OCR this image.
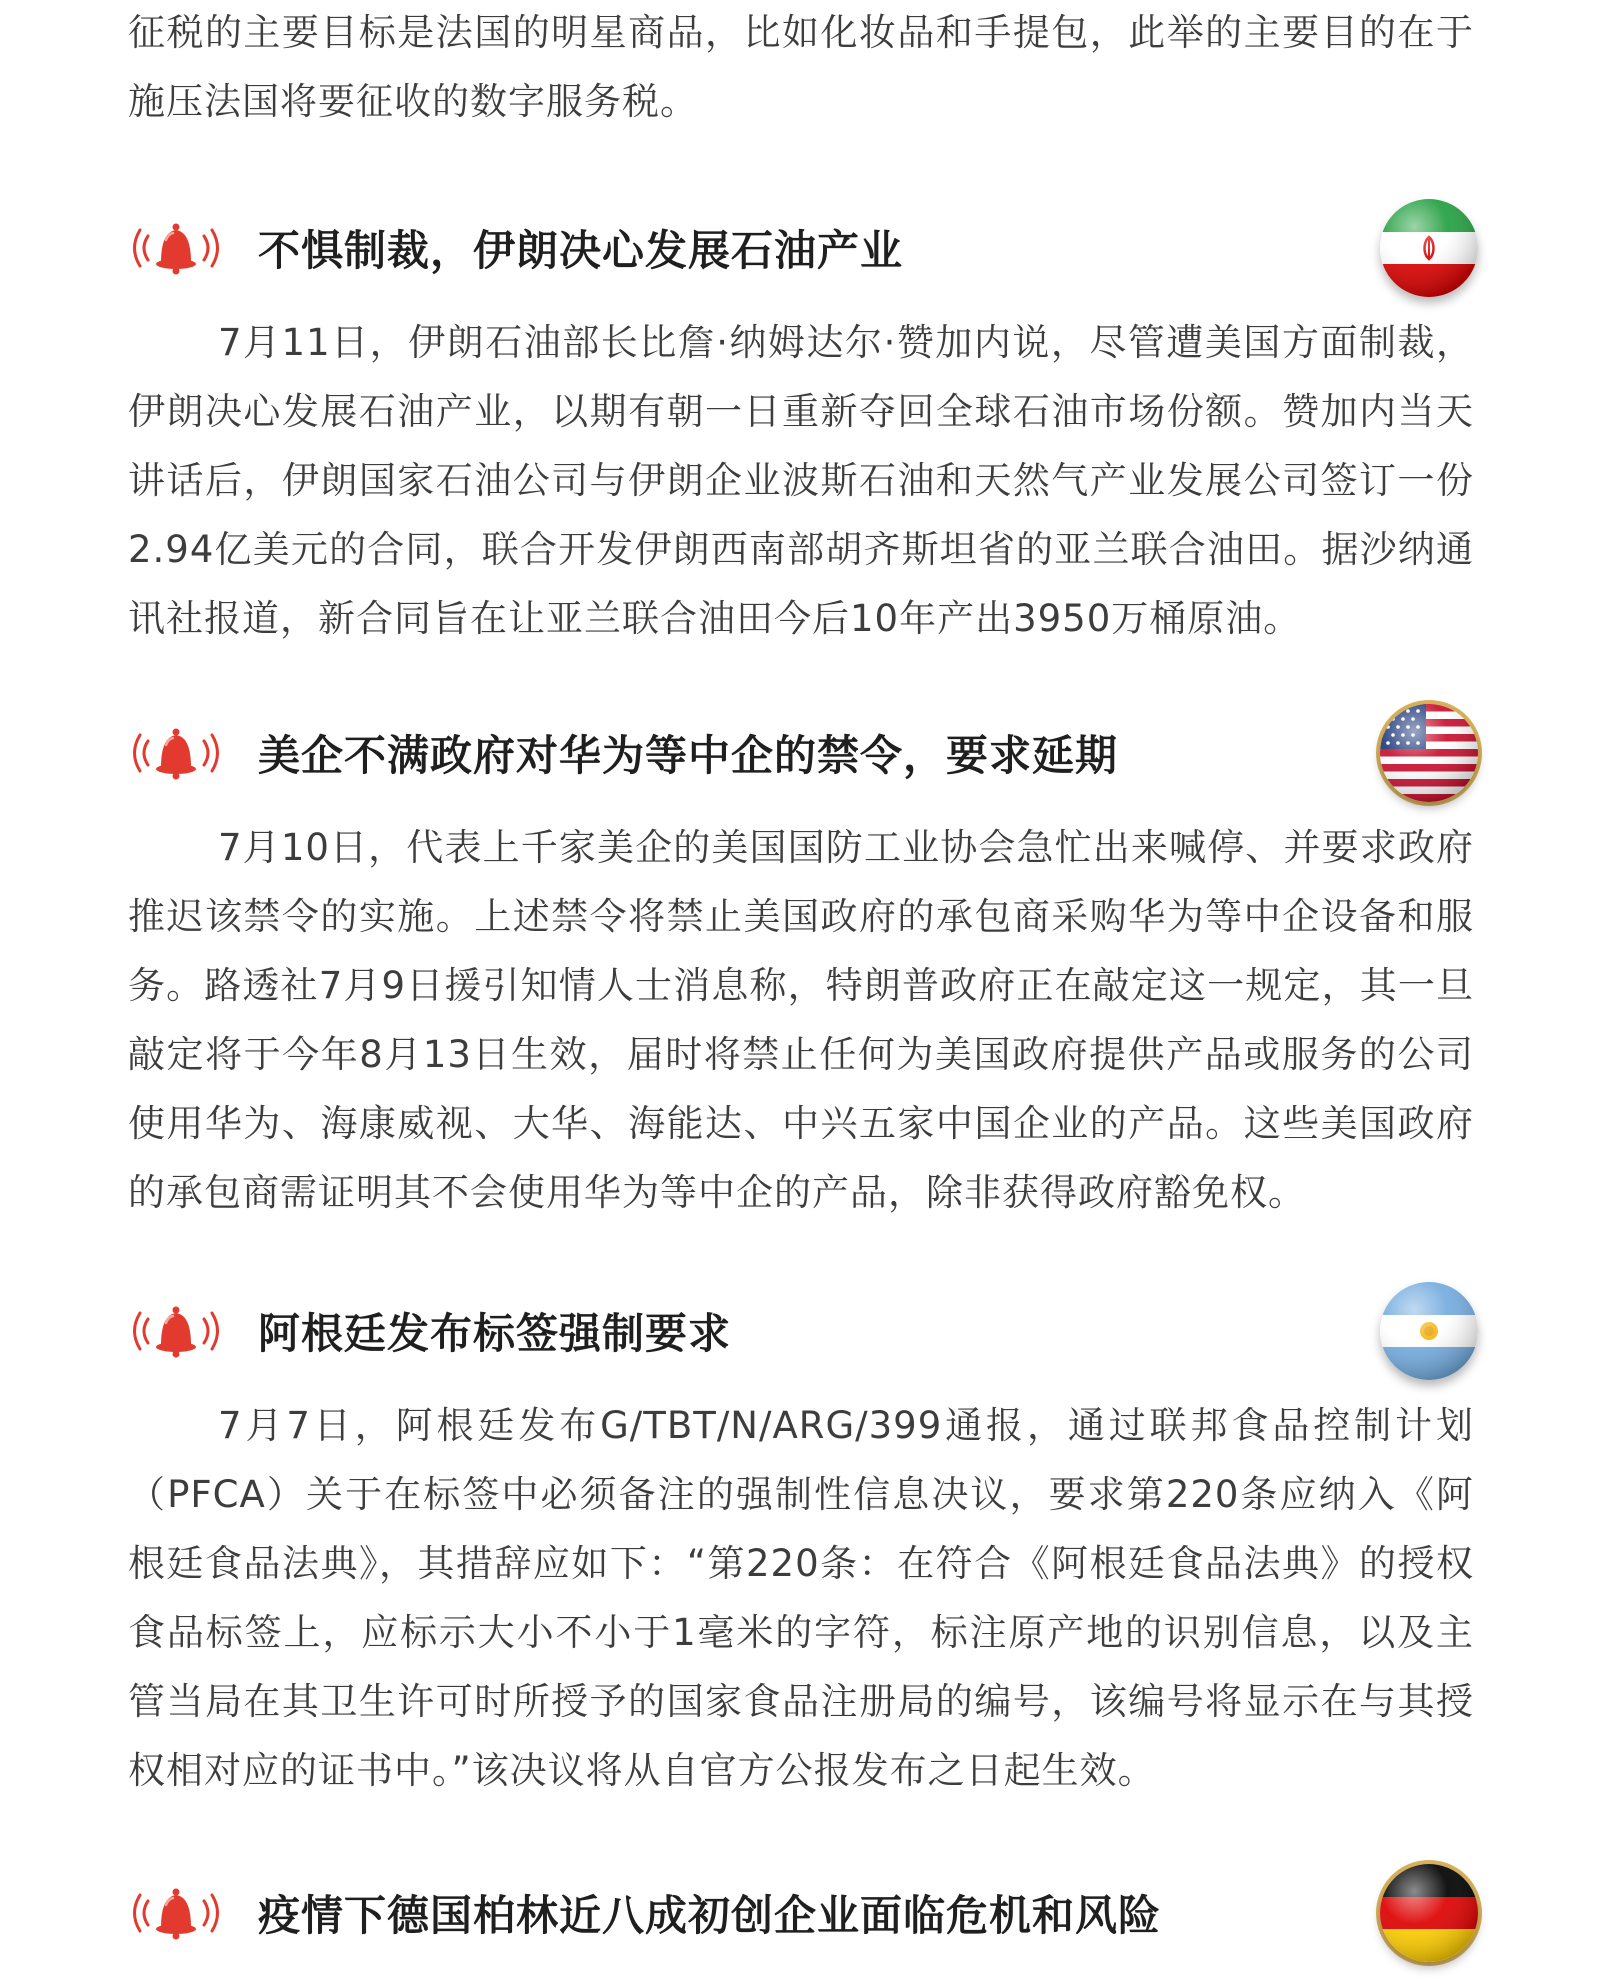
征税的主要目标是法国的明星商品，比如化妆品和手提包，此举的主要目的在于施压法国将要征收的数字服务税。

不惧制裁，伊朗决心发展石油产业

7月11日，伊朗石油部长比詹·纳姆达尔·赞加内说，尽管遭美国方面制裁，伊朗决心发展石油产业，以期有朝一日重新夺回全球石油市场份额。赞加内当天讲话后，伊朗国家石油公司与伊朗企业波斯石油和天然气产业发展公司签订一份2.94亿美元的合同，联合开发伊朗西南部胡齐斯坦省的亚兰联合油田。据沙纳通讯社报道，新合同旨在让亚兰联合油田今后10年产出3950万桶原油。

美企不满政府对华为等中企的禁令，要求延期

7月10日，代表上千家美企的美国国防工业协会急忙出来喊停、并要求政府推迟该禁令的实施。上述禁令将禁止美国政府的承包商采购华为等中企设备和服务。路透社7月9日援引知情人士消息称，特朗普政府正在敲定这一规定，其一旦敲定将于今年8月13日生效，届时将禁止任何为美国政府提供产品或服务的公司使用华为、海康威视、大华、海能达、中兴五家中国企业的产品。这些美国政府的承包商需证明其不会使用华为等中企的产品，除非获得政府豁免权。

阿根廷发布标签强制要求

7月7日，阿根廷发布G/TBT/N/ARG/399通报，通过联邦食品控制计划（PFCA）关于在标签中必须备注的强制性信息决议，要求第220条应纳入《阿根廷食品法典》，其措辞应如下：“第220条：在符合《阿根廷食品法典》的授权食品标签上，应标示大小不小于1毫米的字符，标注原产地的识别信息，以及主管当局在其卫生许可时所授予的国家食品注册局的编号，该编号将显示在与其授权相对应的证书中。”该决议将从自官方公报发布之日起生效。

疫情下德国柏林近八成初创企业面临危机和风险
